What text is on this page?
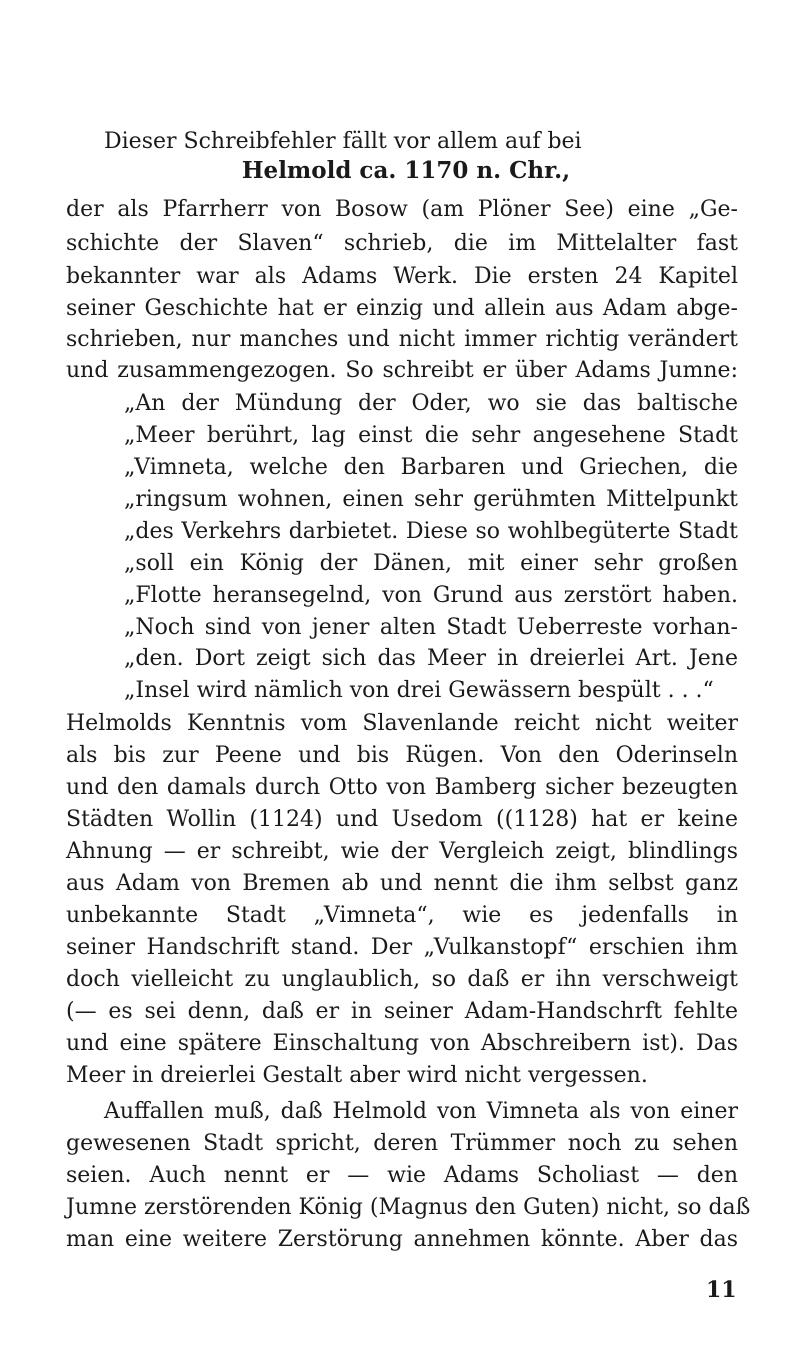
Dieser Schreibfehler fällt vor allem auf bei
Helmold ca. 1170 n. Chr.,
der als Pfarrherr von Bosow (am Plöner See) eine „Ge-
schichte der Slaven“ schrieb, die im Mittelalter fast
bekannter war als Adams Werk. Die ersten 24 Kapitel
seiner Geschichte hat er einzig und allein aus Adam abge-
schrieben, nur manches und nicht immer richtig verändert
und zusammengezogen. So schreibt er über Adams Jumne:
„An der Mündung der Oder, wo sie das baltische
„Meer berührt, lag einst die sehr angesehene Stadt
„Vimneta, welche den Barbaren und Griechen, die
„ringsum wohnen, einen sehr gerühmten Mittelpunkt
„des Verkehrs darbietet. Diese so wohlbegüterte Stadt
„soll ein König der Dänen, mit einer sehr großen
„Flotte heransegelnd, von Grund aus zerstört haben.
„Noch sind von jener alten Stadt Ueberreste vorhan-
„den. Dort zeigt sich das Meer in dreierlei Art. Jene
„Insel wird nämlich von drei Gewässern bespült . . .“
Helmolds Kenntnis vom Slavenlande reicht nicht weiter
als bis zur Peene und bis Rügen. Von den Oderinseln
und den damals durch Otto von Bamberg sicher bezeugten
Städten Wollin (1124) und Usedom ((1128) hat er keine
Ahnung — er schreibt, wie der Vergleich zeigt, blindlings
aus Adam von Bremen ab und nennt die ihm selbst ganz
unbekannte Stadt „Vimneta“, wie es jedenfalls in
seiner Handschrift stand. Der „Vulkanstopf“ erschien ihm
doch vielleicht zu unglaublich, so daß er ihn verschweigt
(— es sei denn, daß er in seiner Adam-Handschrft fehlte
und eine spätere Einschaltung von Abschreibern ist). Das
Meer in dreierlei Gestalt aber wird nicht vergessen.
Auffallen muß, daß Helmold von Vimneta als von einer
gewesenen Stadt spricht, deren Trümmer noch zu sehen
seien. Auch nennt er — wie Adams Scholiast — den
Jumne zerstörenden König (Magnus den Guten) nicht, so daß
man eine weitere Zerstörung annehmen könnte. Aber das
11
